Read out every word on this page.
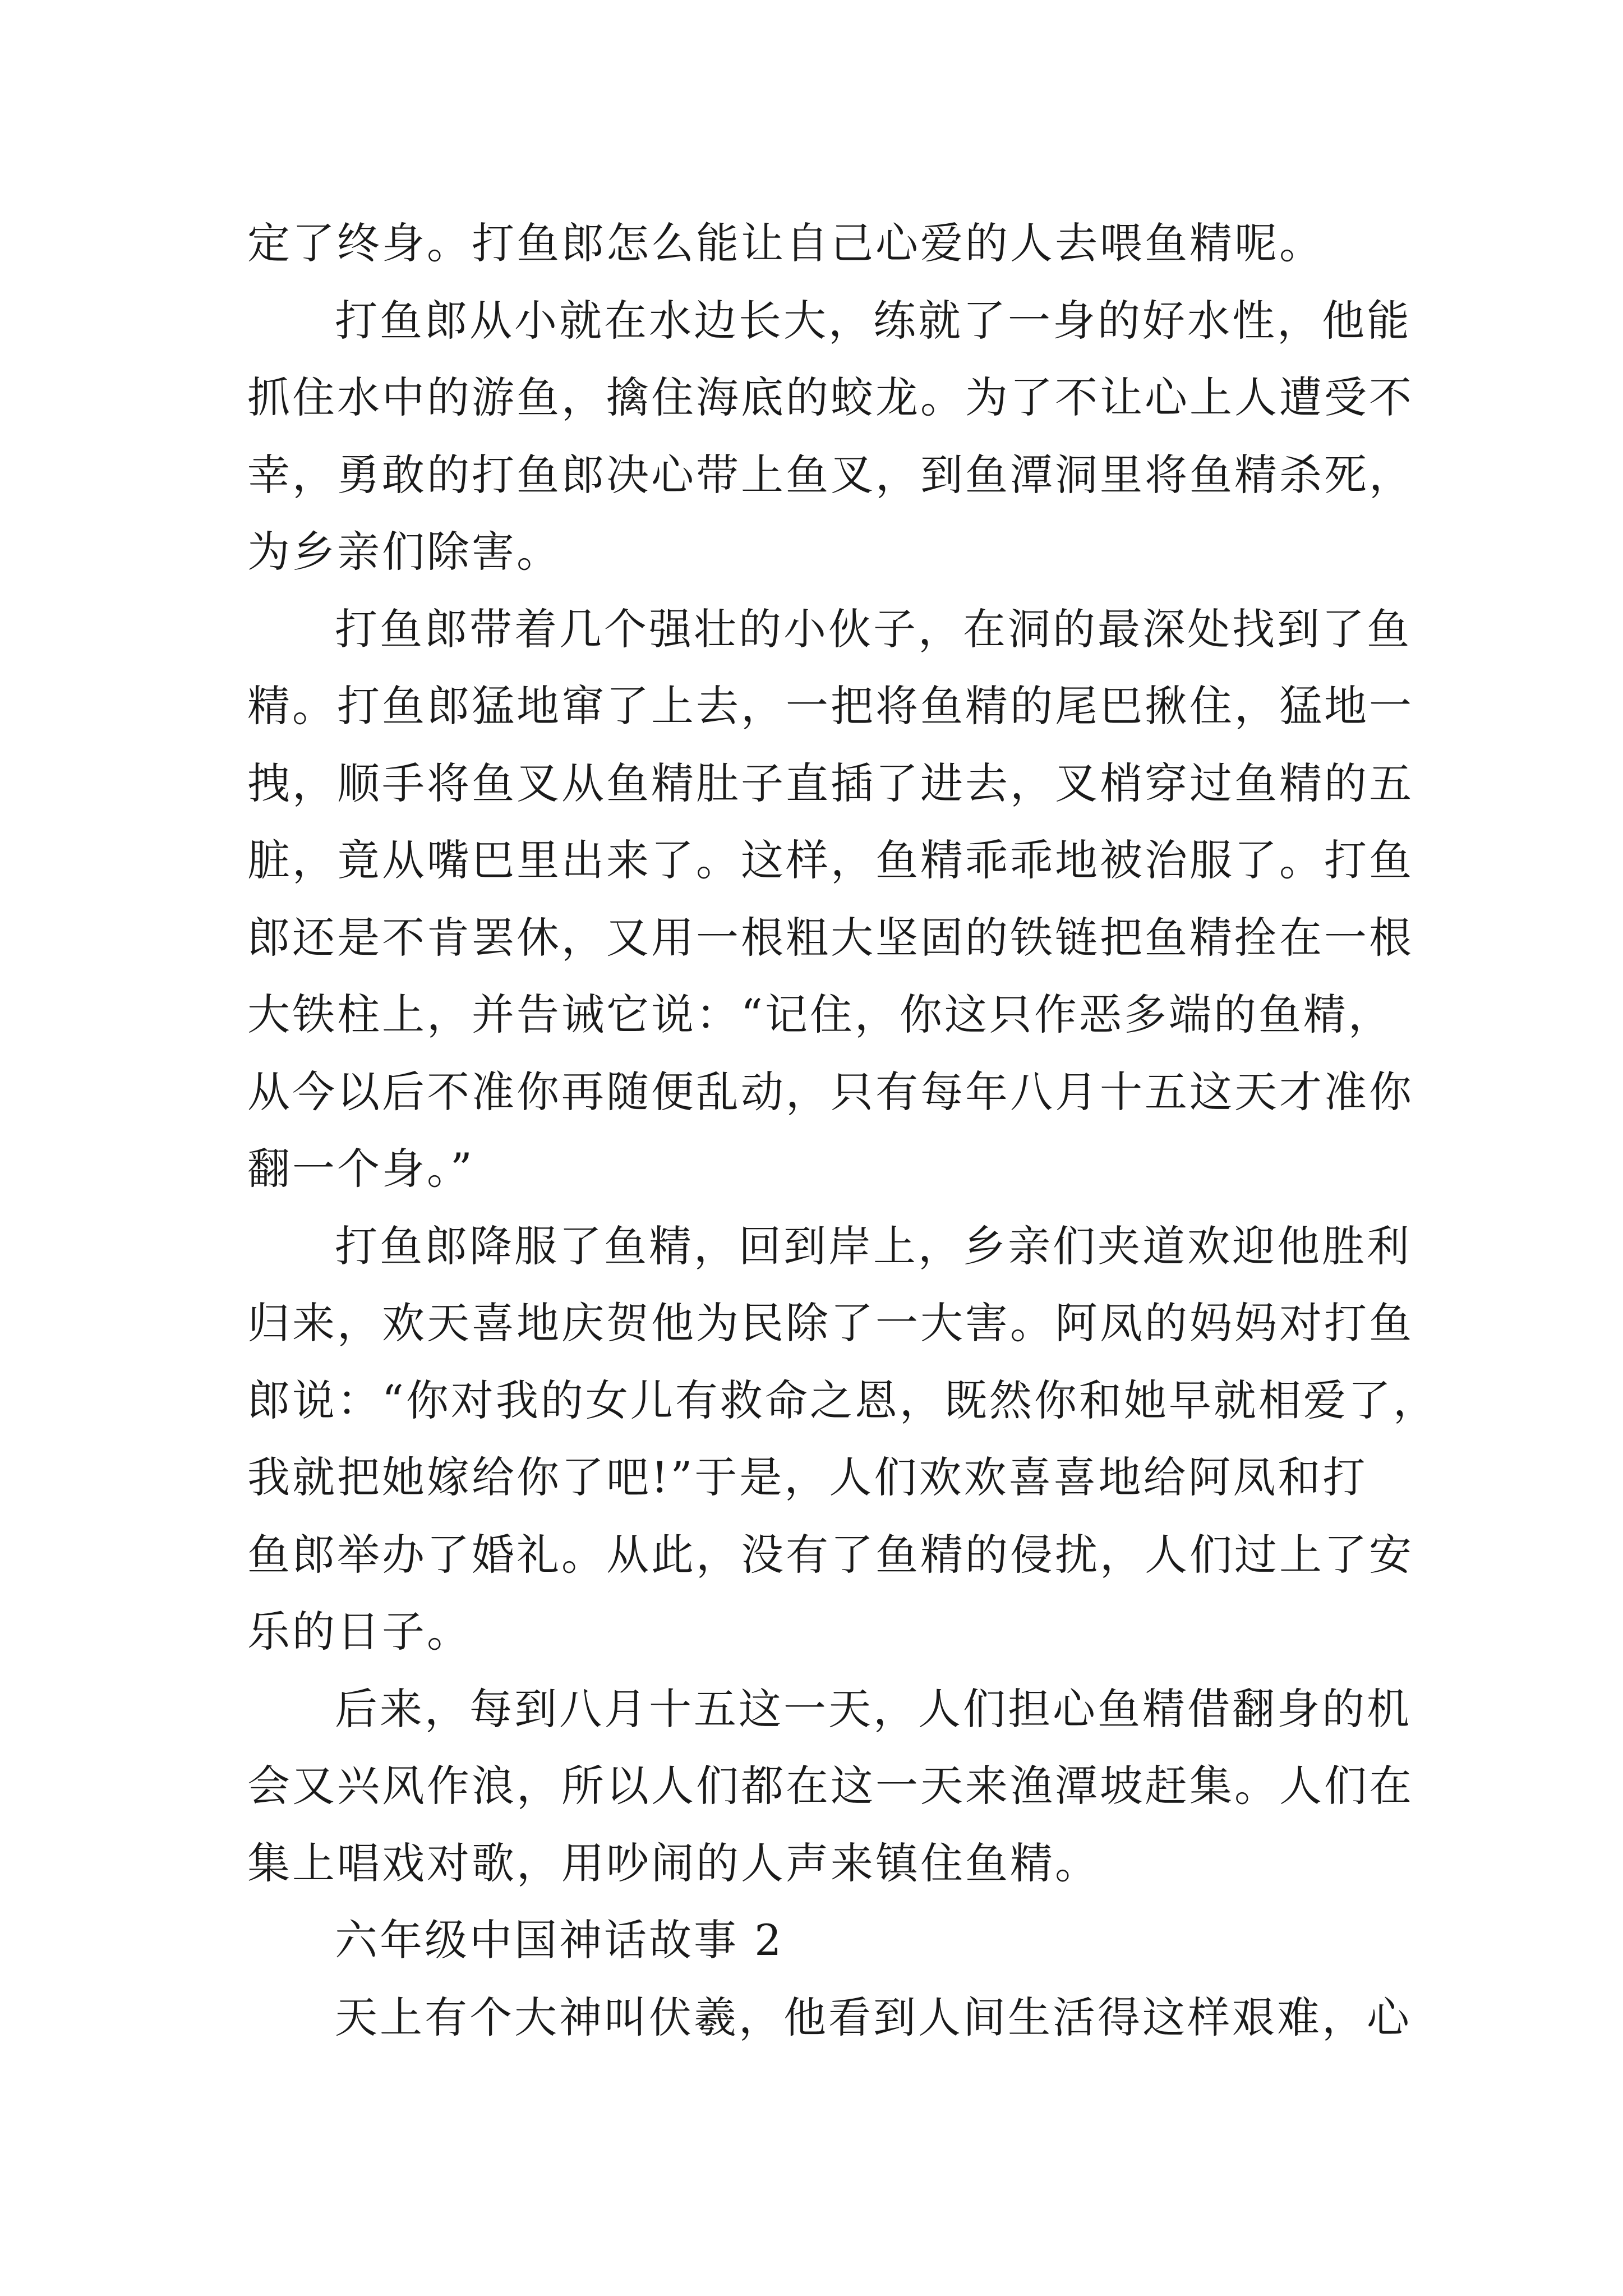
定了终身。打鱼郎怎么能让自己心爱的人去喂鱼精呢。
打鱼郎从小就在水边长大，练就了一身的好水性，他能
抓住水中的游鱼，擒住海底的蛟龙。为了不让心上人遭受不
幸，勇敢的打鱼郎决心带上鱼叉，到鱼潭洞里将鱼精杀死，
为乡亲们除害。
打鱼郎带着几个强壮的小伙子，在洞的最深处找到了鱼
精。打鱼郎猛地窜了上去，一把将鱼精的尾巴揪住，猛地一
拽，顺手将鱼叉从鱼精肚子直插了进去，叉梢穿过鱼精的五
脏，竟从嘴巴里出来了。这样，鱼精乖乖地被治服了。打鱼
郎还是不肯罢休，又用一根粗大坚固的铁链把鱼精拴在一根
大铁柱上，并告诫它说：“记住，你这只作恶多端的鱼精，
从今以后不准你再随便乱动，只有每年八月十五这天才准你
翻一个身。”
打鱼郎降服了鱼精，回到岸上，乡亲们夹道欢迎他胜利
归来，欢天喜地庆贺他为民除了一大害。阿凤的妈妈对打鱼
郎说：“你对我的女儿有救命之恩，既然你和她早就相爱了，
我就把她嫁给你了吧!”于是，人们欢欢喜喜地给阿凤和打
鱼郎举办了婚礼。从此，没有了鱼精的侵扰，人们过上了安
乐的日子。
后来，每到八月十五这一天，人们担心鱼精借翻身的机
会又兴风作浪，所以人们都在这一天来渔潭坡赶集。人们在
集上唱戏对歌，用吵闹的人声来镇住鱼精。
六年级中国神话故事 2
天上有个大神叫伏羲，他看到人间生活得这样艰难，心
